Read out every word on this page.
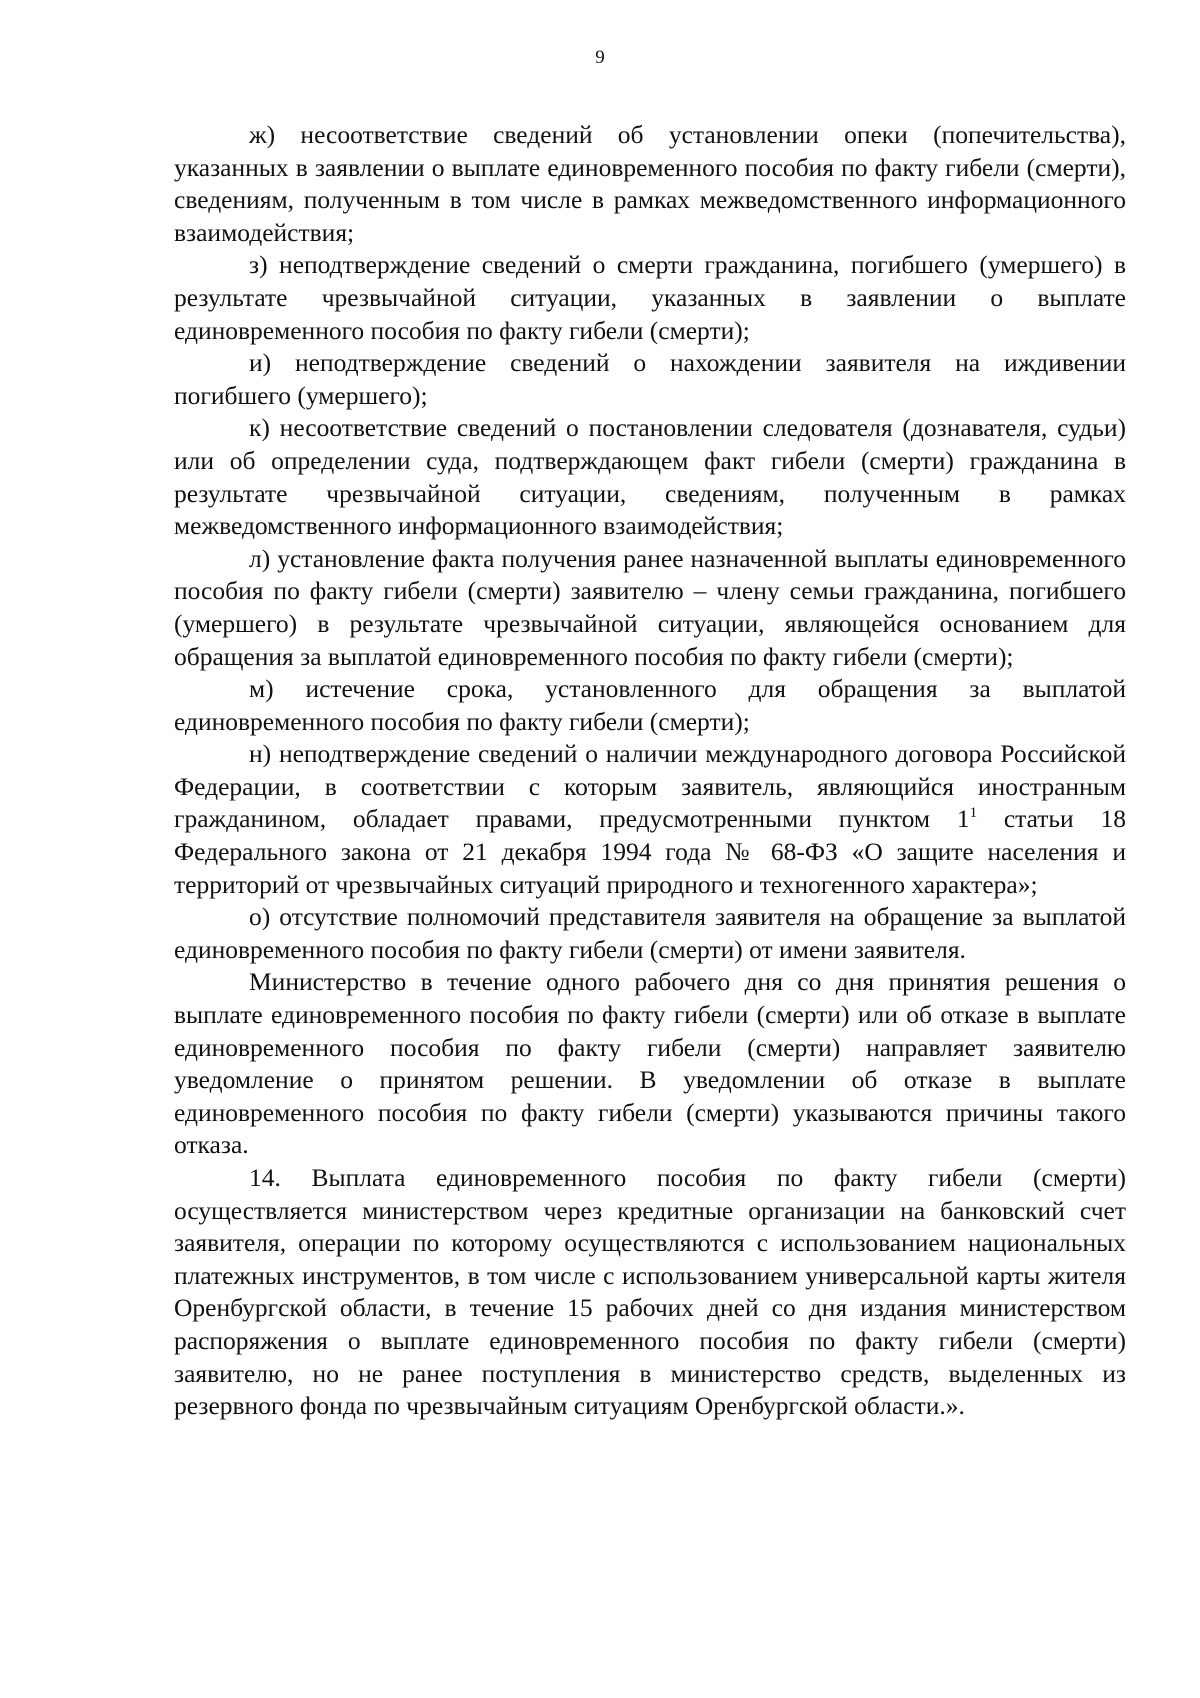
9

ж) несоответствие сведений об установлении опеки (попечительства), указанных в заявлении о выплате единовременного пособия по факту гибели (смерти), сведениям, полученным в том числе в рамках межведомственного информационного взаимодействия;

з) неподтверждение сведений о смерти гражданина, погибшего (умершего) в результате чрезвычайной ситуации, указанных в заявлении о выплате единовременного пособия по факту гибели (смерти);

и) неподтверждение сведений о нахождении заявителя на иждивении погибшего (умершего);

к) несоответствие сведений о постановлении следователя (дознавателя, судьи) или об определении суда, подтверждающем факт гибели (смерти) гражданина в результате чрезвычайной ситуации, сведениям, полученным в рамках межведомственного информационного взаимодействия;

л) установление факта получения ранее назначенной выплаты единовременного пособия по факту гибели (смерти) заявителю – члену семьи гражданина, погибшего (умершего) в результате чрезвычайной ситуации, являющейся основанием для обращения за выплатой единовременного пособия по факту гибели (смерти);

м) истечение срока, установленного для обращения за выплатой единовременного пособия по факту гибели (смерти);

н) неподтверждение сведений о наличии международного договора Российской Федерации, в соответствии с которым заявитель, являющийся иностранным гражданином, обладает правами, предусмотренными пунктом $1^1$ статьи 18 Федерального закона от 21 декабря 1994 года № 68-ФЗ «О защите населения и территорий от чрезвычайных ситуаций природного и техногенного характера»;

о) отсутствие полномочий представителя заявителя на обращение за выплатой единовременного пособия по факту гибели (смерти) от имени заявителя.

Министерство в течение одного рабочего дня со дня принятия решения о выплате единовременного пособия по факту гибели (смерти) или об отказе в выплате единовременного пособия по факту гибели (смерти) направляет заявителю уведомление о принятом решении. В уведомлении об отказе в выплате единовременного пособия по факту гибели (смерти) указываются причины такого отказа.

14. Выплата единовременного пособия по факту гибели (смерти) осуществляется министерством через кредитные организации на банковский счет заявителя, операции по которому осуществляются с использованием национальных платежных инструментов, в том числе с использованием универсальной карты жителя Оренбургской области, в течение 15 рабочих дней со дня издания министерством распоряжения о выплате единовременного пособия по факту гибели (смерти) заявителю, но не ранее поступления в министерство средств, выделенных из резервного фонда по чрезвычайным ситуациям Оренбургской области.».
